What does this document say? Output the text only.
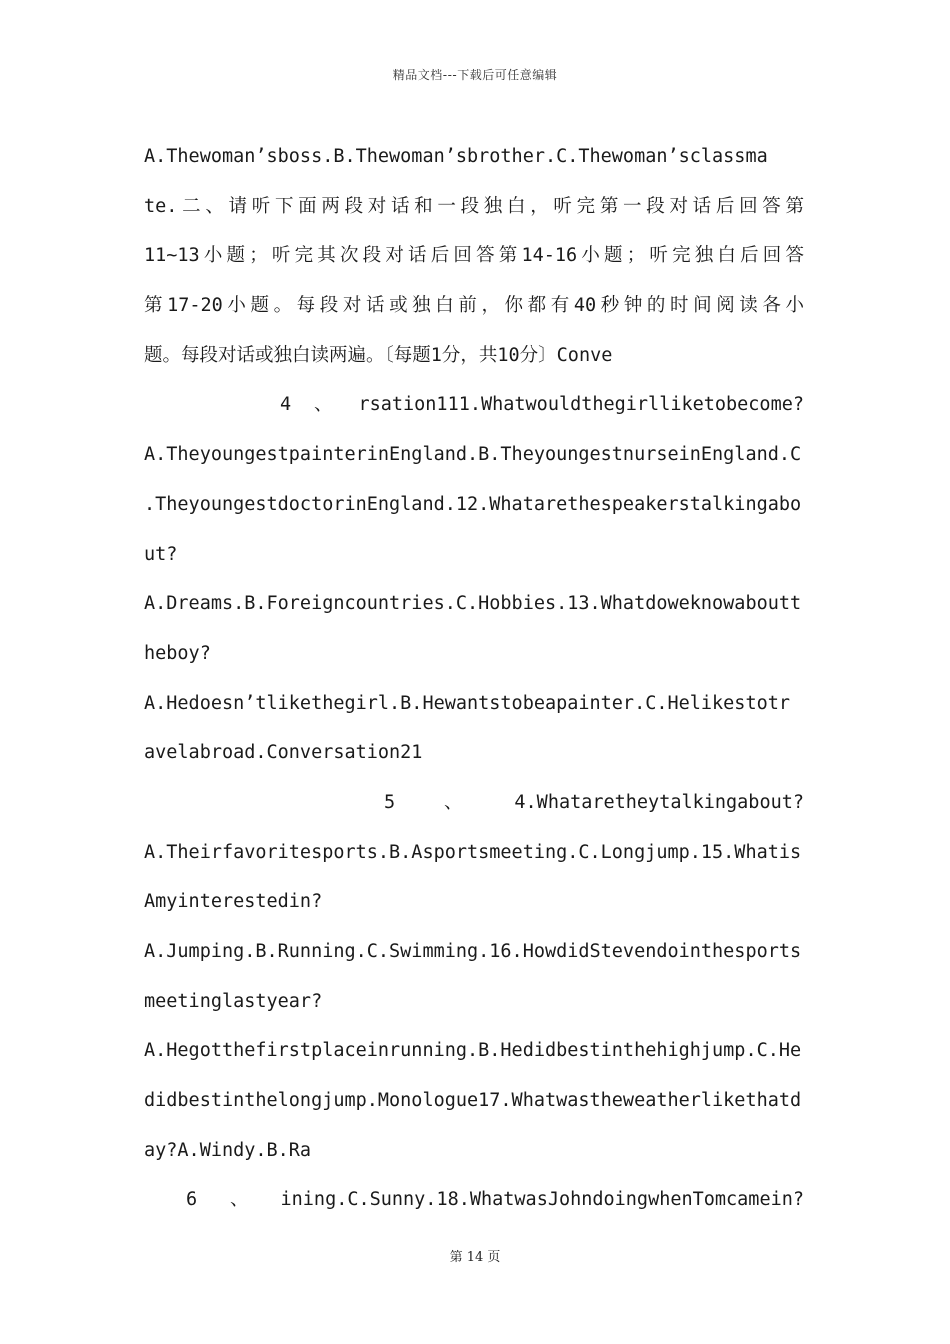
精品文档---下载后可任意编辑
A.Thewoman’sboss.B.Thewoman’sbrother.C.Thewoman’sclassma
te.二、请听下面两段对话和一段独白，听完第一段对话后回答第
11~13小题；听完其次段对话后回答第14-16小题；听完独白后回答
第17-20小题。每段对话或独白前，你都有40秒钟的时间阅读各小
题。每段对话或独白读两遍。〔每题1分，共10分〕Conve
4 、 rsation111.Whatwouldthegirlliketobecome?
A.TheyoungestpainterinEngland.B.TheyoungestnurseinEngland.C
.TheyoungestdoctorinEngland.12.Whatarethespeakerstalkingabo
ut?
A.Dreams.B.Foreigncountries.C.Hobbies.13.Whatdoweknowaboutt
heboy?
A.Hedoesn’tlikethegirl.B.Hewantstobeapainter.C.Helikestotr
avelabroad.Conversation21
5	、	4.Whataretheytalkingabout?
A.Theirfavoritesports.B.Asportsmeeting.C.Longjump.15.Whatis
Amyinterestedin?
A.Jumping.B.Running.C.Swimming.16.HowdidStevendointhesports
meetinglastyear?
A.Hegotthefirstplaceinrunning.B.Hedidbestinthehighjump.C.He
didbestinthelongjump.Monologue17.Whatwastheweatherlikethatd
ay?A.Windy.B.Ra
6 、 ining.C.Sunny.18.WhatwasJohndoingwhenTomcamein?
第 14 页
